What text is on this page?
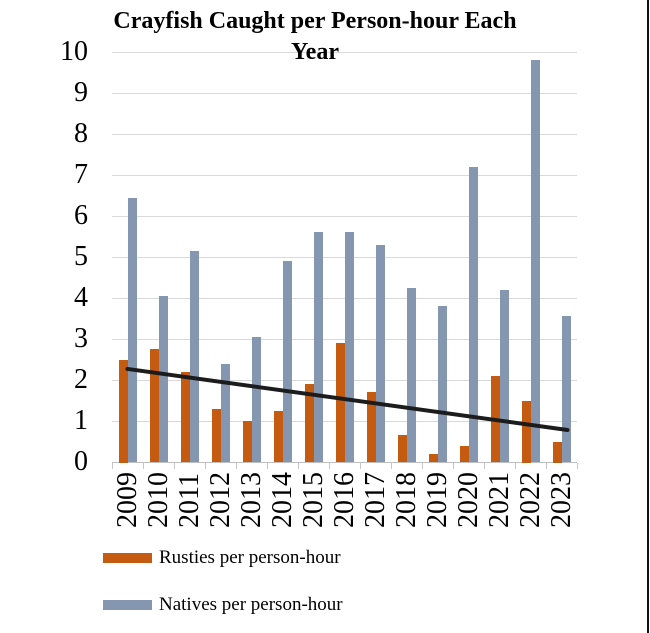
Crayfish Caught per Person-hour Each Year
Rusties per person-hour
Natives per person-hour
0
1
2
3
4
5
6
7
8
9
10
2009 2010 2011 2012 2013 2014 2015 2016 2017 2018 2019 2020 2021 2022 2023
